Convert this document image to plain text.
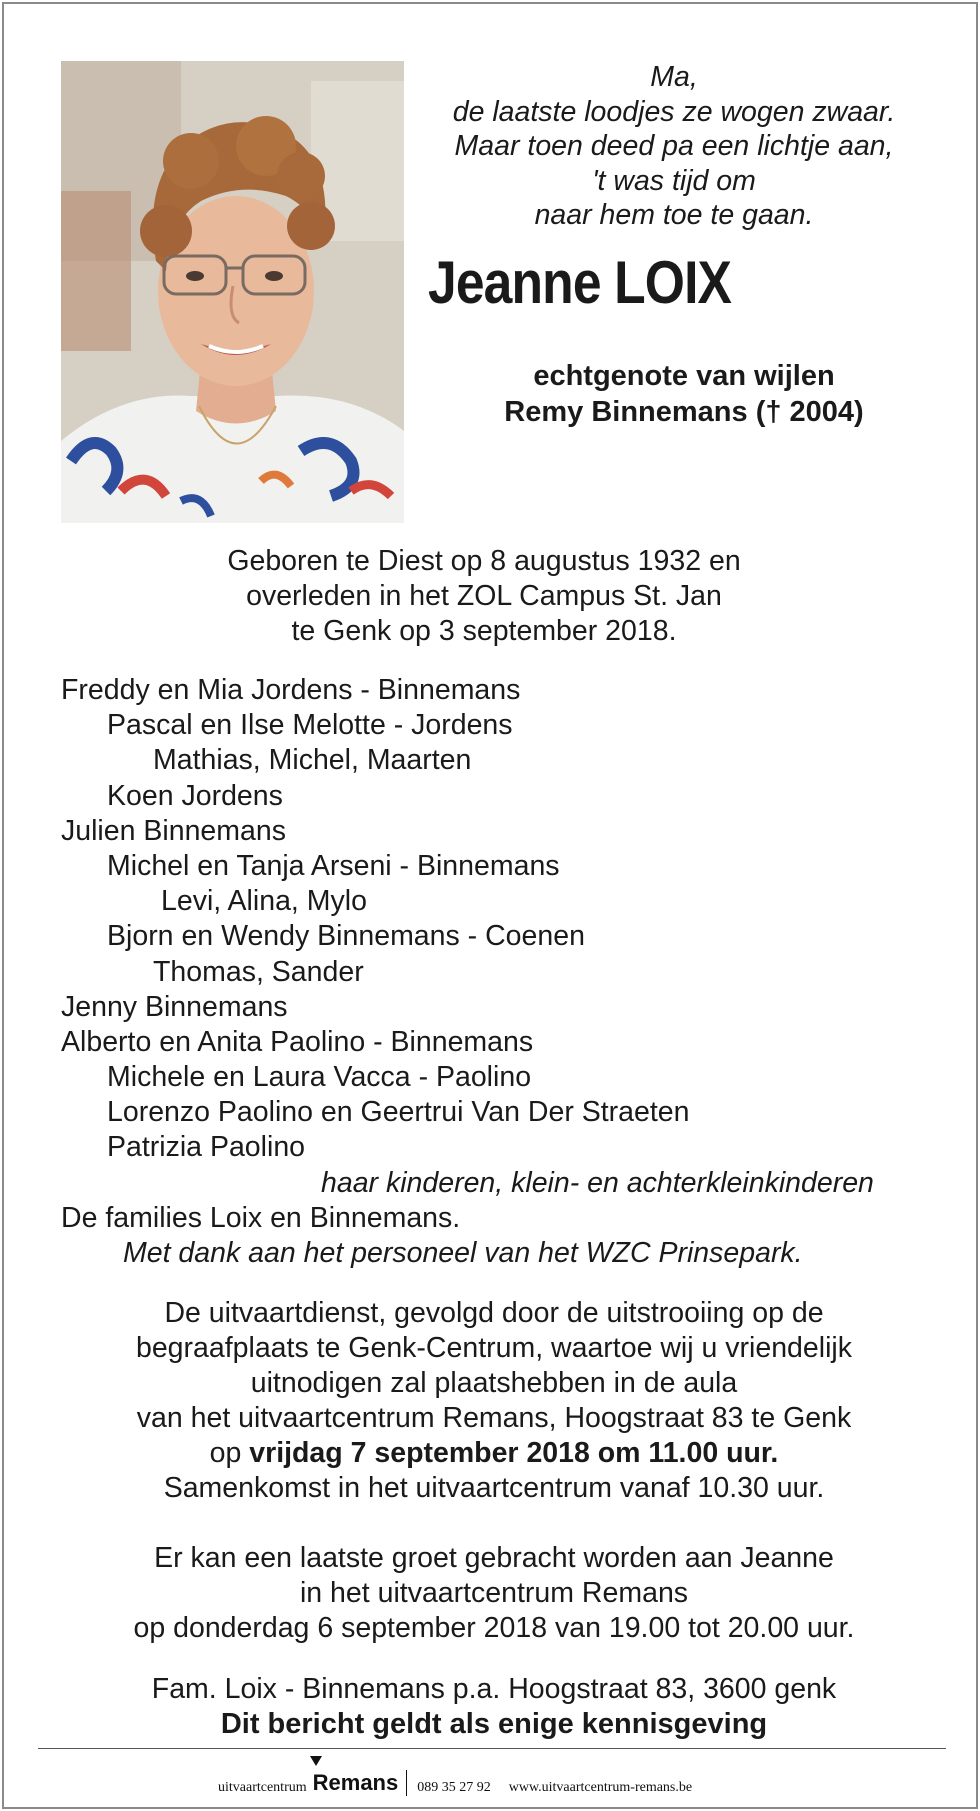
Ma,
de laatste loodjes ze wogen zwaar.
Maar toen deed pa een lichtje aan,
't was tijd om
naar hem toe te gaan.
Jeanne LOIX
echtgenote van wijlen
Remy Binnemans († 2004)
Geboren te Diest op 8 augustus 1932 en
overleden in het ZOL Campus St. Jan
te Genk op 3 september 2018.
Freddy en Mia Jordens - Binnemans
Pascal en Ilse Melotte - Jordens
Mathias, Michel, Maarten
Koen Jordens
Julien Binnemans
Michel en Tanja Arseni - Binnemans
Levi, Alina, Mylo
Bjorn en Wendy Binnemans - Coenen
Thomas, Sander
Jenny Binnemans
Alberto en Anita Paolino - Binnemans
Michele en Laura Vacca - Paolino
Lorenzo Paolino en Geertrui Van Der Straeten
Patrizia Paolino
haar kinderen, klein- en achterkleinkinderen
De families Loix en Binnemans.
Met dank aan het personeel van het WZC Prinsepark.
De uitvaartdienst, gevolgd door de uitstrooiing op de
begraafplaats te Genk-Centrum, waartoe wij u vriendelijk
uitnodigen zal plaatshebben in de aula
van het uitvaartcentrum Remans, Hoogstraat 83 te Genk
op vrijdag 7 september 2018 om 11.00 uur.
Samenkomst in het uitvaartcentrum vanaf 10.30 uur.
Er kan een laatste groet gebracht worden aan Jeanne
in het uitvaartcentrum Remans
op donderdag 6 september 2018 van 19.00 tot 20.00 uur.
Fam. Loix - Binnemans p.a. Hoogstraat 83, 3600 genk
Dit bericht geldt als enige kennisgeving
uitvaartcentrum Remans 089 35 27 92 www.uitvaartcentrum-remans.be
